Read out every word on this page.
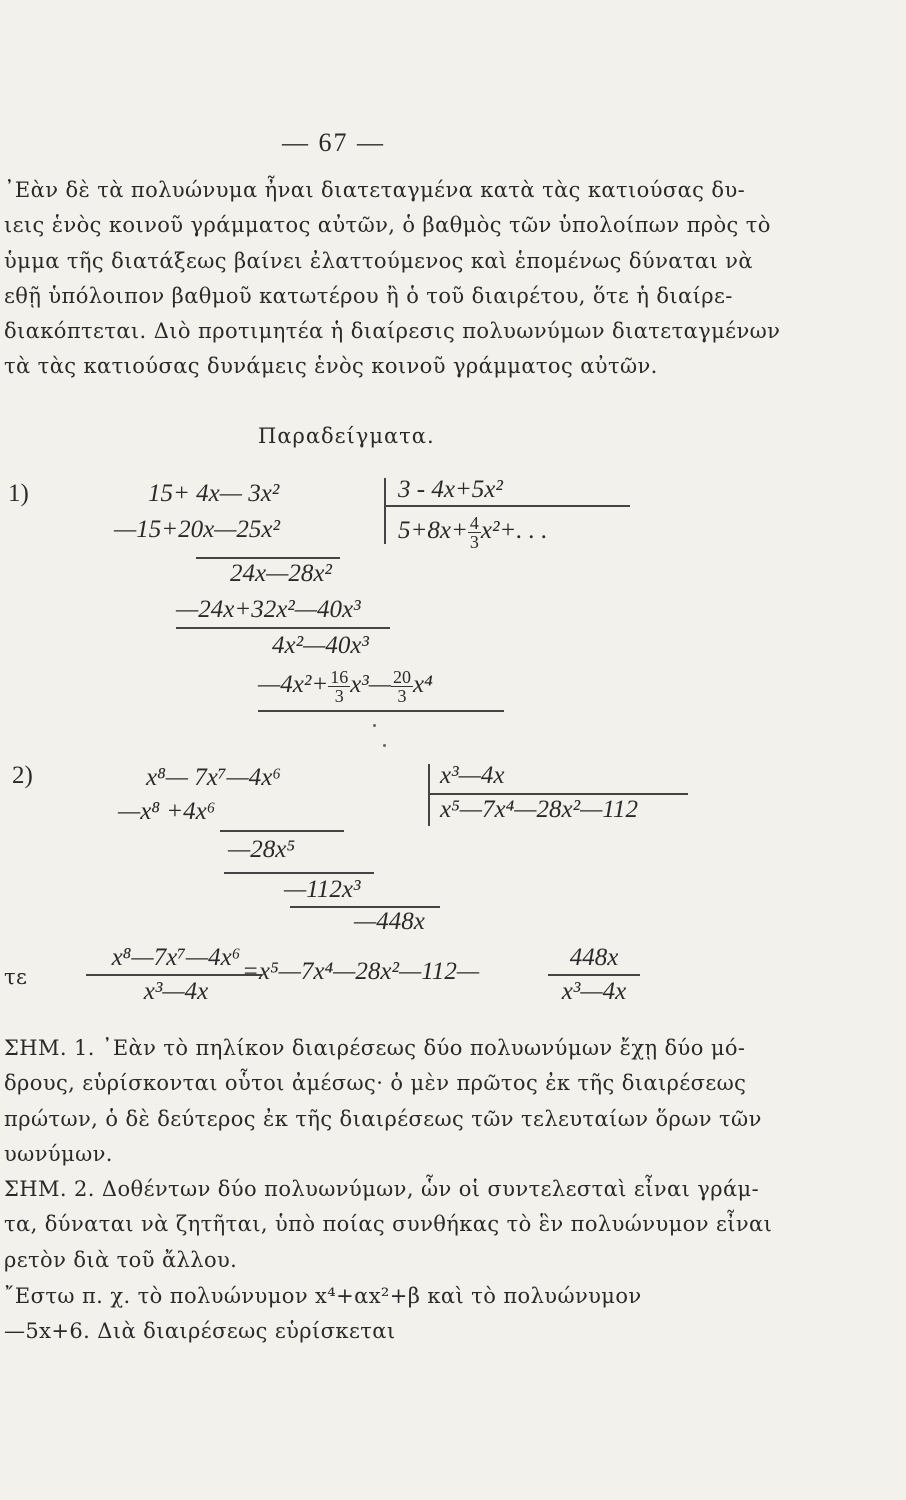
— 67 —
᾽Εὰν δὲ τὰ πολυώνυμα ἦναι διατεταγμένα κατὰ τὰς κατιούσας δυ-
ιεις ἑνὸς κοινοῦ γράμματος αὐτῶν, ὁ βαθμὸς τῶν ὑπολοίπων πρὸς τὸ
ὑμμα τῆς διατάξεως βαίνει ἐλαττούμενος καὶ ἑπομένως δύναται νὰ
εθῇ ὑπόλοιπον βαθμοῦ κατωτέρου ἢ ὁ τοῦ διαιρέτου, ὅτε ἡ διαίρε-
διακόπτεται. Διὸ προτιμητέα ἡ διαίρεσις πολυωνύμων διατεταγμένων
τὰ τὰς κατιούσας δυνάμεις ἑνὸς κοινοῦ γράμματος αὐτῶν.
Παραδείγματα.
1)	15+ 4x— 3x²
—15+20x—25x²
24x—28x²
—24x+32x²—40x³
4x²—40x³
—4x²+ $\frac{16}{3}$ x³— $\frac{20}{3} x^4$
3 - 4x+5x²
$5+8x+ \frac{4}{3} x^2+$. . .
2)	x⁸— 7x⁷—4x⁶
—x⁸ +4x⁶
—28x⁵
—112x³
—448x
x³—4x
x⁵—7x⁴—28x²—112
τε
x⁸—7x⁷—4x⁶
x³—4x
=x⁵—7x⁴—28x²—112—
448x
x³—4x
ΣΗΜ. 1. ᾽Εὰν τὸ πηλίκον διαιρέσεως δύο πολυωνύμων ἔχῃ δύο μό-
δρους, εὑρίσκονται οὗτοι ἀμέσως· ὁ μὲν πρῶτος ἐκ τῆς διαιρέσεως
πρώτων, ὁ δὲ δεύτερος ἐκ τῆς διαιρέσεως τῶν τελευταίων ὅρων τῶν
υωνύμων.
ΣΗΜ. 2. Δοθέντων δύο πολυωνύμων, ὧν οἱ συντελεσταὶ εἶναι γράμ-
τα, δύναται νὰ ζητῆται, ὑπὸ ποίας συνθήκας τὸ ἓν πολυώνυμον εἶναι
ρετὸν διὰ τοῦ ἄλλου.
῎Εστω π. χ. τὸ πολυώνυμον x⁴+αx²+β καὶ τὸ πολυώνυμον
—5x+6. Διὰ διαιρέσεως εὑρίσκεται
